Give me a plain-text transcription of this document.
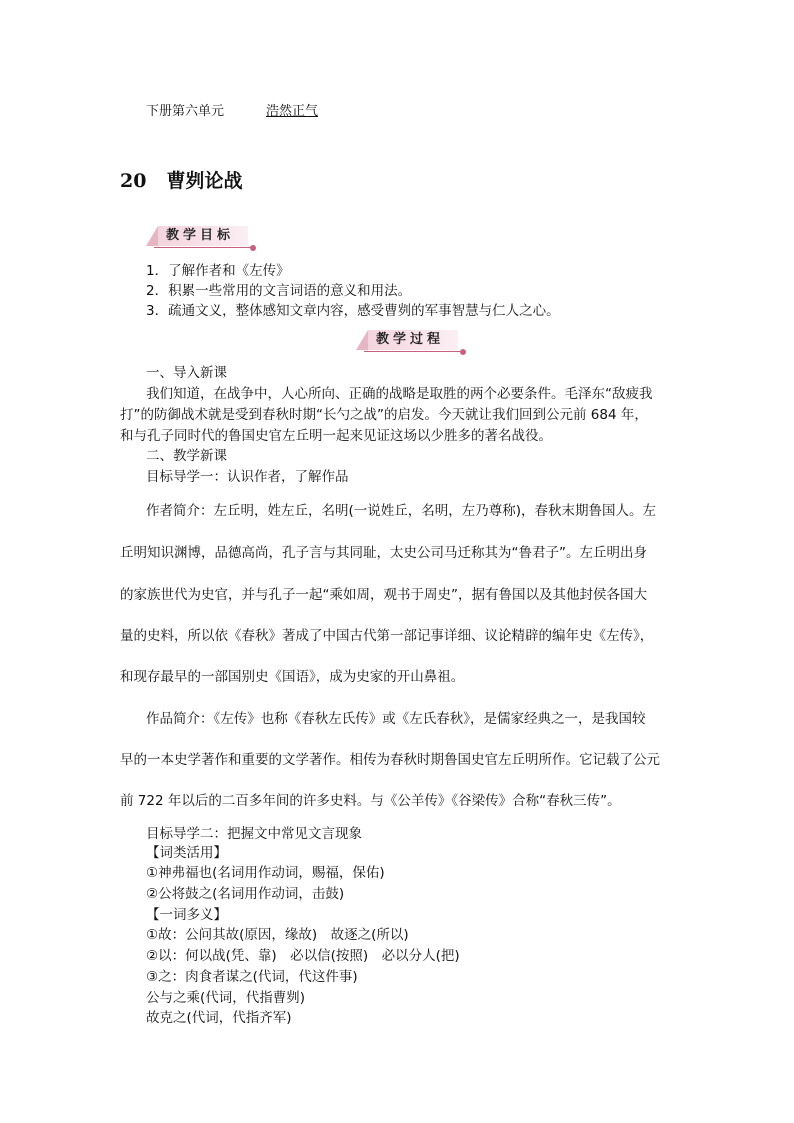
下册第六单元	浩然正气
20 曹刿论战
教学目标
1．了解作者和《左传》
2．积累一些常用的文言词语的意义和用法。
3．疏通文义，整体感知文章内容，感受曹刿的军事智慧与仁人之心。
教学过程
一、导入新课
我们知道，在战争中，人心所向、正确的战略是取胜的两个必要条件。毛泽东“敌疲我
打”的防御战术就是受到春秋时期“长勺之战”的启发。今天就让我们回到公元前 684 年，
和与孔子同时代的鲁国史官左丘明一起来见证这场以少胜多的著名战役。
二、教学新课
目标导学一：认识作者，了解作品
作者简介：左丘明，姓左丘，名明(一说姓丘，名明，左乃尊称)，春秋末期鲁国人。左
丘明知识渊博，品德高尚，孔子言与其同耻，太史公司马迁称其为“鲁君子”。左丘明出身
的家族世代为史官，并与孔子一起“乘如周，观书于周史”，据有鲁国以及其他封侯各国大
量的史料，所以依《春秋》著成了中国古代第一部记事详细、议论精辟的编年史《左传》，
和现存最早的一部国别史《国语》，成为史家的开山鼻祖。
作品简介：《左传》也称《春秋左氏传》或《左氏春秋》，是儒家经典之一，是我国较
早的一本史学著作和重要的文学著作。相传为春秋时期鲁国史官左丘明所作。它记载了公元
前 722 年以后的二百多年间的许多史料。与《公羊传》《谷梁传》合称“春秋三传”。
目标导学二：把握文中常见文言现象
【词类活用】
①神弗福也(名词用作动词，赐福，保佑)
②公将鼓之(名词用作动词，击鼓)
【一词多义】
①故：公问其故(原因，缘故)　故逐之(所以)
②以：何以战(凭、靠)　必以信(按照)　必以分人(把)
③之：肉食者谋之(代词，代这件事)
公与之乘(代词，代指曹刿)
故克之(代词，代指齐军)
